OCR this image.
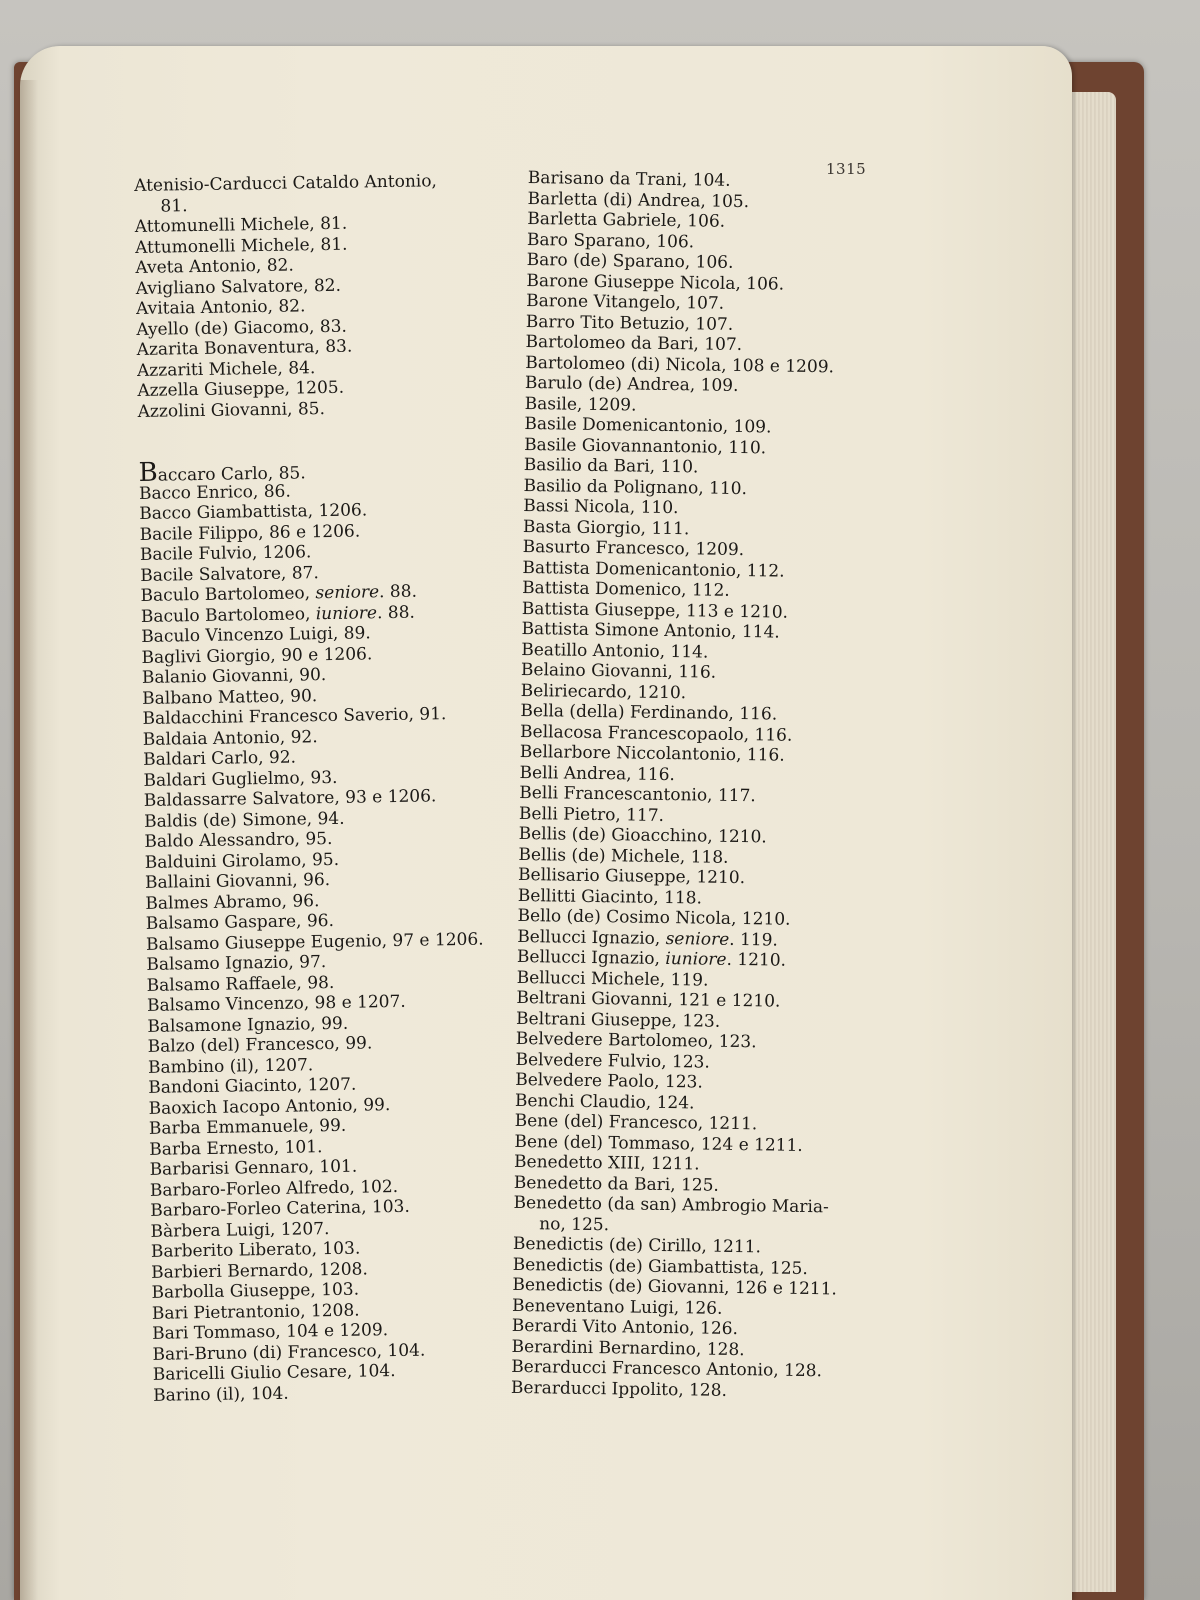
1315
Atenisio-Carducci Cataldo Antonio,
81.
Attomunelli Michele, 81.
Attumonelli Michele, 81.
Aveta Antonio, 82.
Avigliano Salvatore, 82.
Avitaia Antonio, 82.
Ayello (de) Giacomo, 83.
Azarita Bonaventura, 83.
Azzariti Michele, 84.
Azzella Giuseppe, 1205.
Azzolini Giovanni, 85.
Baccaro Carlo, 85.
Bacco Enrico, 86.
Bacco Giambattista, 1206.
Bacile Filippo, 86 e 1206.
Bacile Fulvio, 1206.
Bacile Salvatore, 87.
Baculo Bartolomeo, seniore. 88.
Baculo Bartolomeo, iuniore. 88.
Baculo Vincenzo Luigi, 89.
Baglivi Giorgio, 90 e 1206.
Balanio Giovanni, 90.
Balbano Matteo, 90.
Baldacchini Francesco Saverio, 91.
Baldaia Antonio, 92.
Baldari Carlo, 92.
Baldari Guglielmo, 93.
Baldassarre Salvatore, 93 e 1206.
Baldis (de) Simone, 94.
Baldo Alessandro, 95.
Balduini Girolamo, 95.
Ballaini Giovanni, 96.
Balmes Abramo, 96.
Balsamo Gaspare, 96.
Balsamo Giuseppe Eugenio, 97 e 1206.
Balsamo Ignazio, 97.
Balsamo Raffaele, 98.
Balsamo Vincenzo, 98 e 1207.
Balsamone Ignazio, 99.
Balzo (del) Francesco, 99.
Bambino (il), 1207.
Bandoni Giacinto, 1207.
Baoxich Iacopo Antonio, 99.
Barba Emmanuele, 99.
Barba Ernesto, 101.
Barbarisi Gennaro, 101.
Barbaro-Forleo Alfredo, 102.
Barbaro-Forleo Caterina, 103.
Bàrbera Luigi, 1207.
Barberito Liberato, 103.
Barbieri Bernardo, 1208.
Barbolla Giuseppe, 103.
Bari Pietrantonio, 1208.
Bari Tommaso, 104 e 1209.
Bari-Bruno (di) Francesco, 104.
Baricelli Giulio Cesare, 104.
Barino (il), 104.
Barisano da Trani, 104.
Barletta (di) Andrea, 105.
Barletta Gabriele, 106.
Baro Sparano, 106.
Baro (de) Sparano, 106.
Barone Giuseppe Nicola, 106.
Barone Vitangelo, 107.
Barro Tito Betuzio, 107.
Bartolomeo da Bari, 107.
Bartolomeo (di) Nicola, 108 e 1209.
Barulo (de) Andrea, 109.
Basile, 1209.
Basile Domenicantonio, 109.
Basile Giovannantonio, 110.
Basilio da Bari, 110.
Basilio da Polignano, 110.
Bassi Nicola, 110.
Basta Giorgio, 111.
Basurto Francesco, 1209.
Battista Domenicantonio, 112.
Battista Domenico, 112.
Battista Giuseppe, 113 e 1210.
Battista Simone Antonio, 114.
Beatillo Antonio, 114.
Belaino Giovanni, 116.
Beliriecardo, 1210.
Bella (della) Ferdinando, 116.
Bellacosa Francescopaolo, 116.
Bellarbore Niccolantonio, 116.
Belli Andrea, 116.
Belli Francescantonio, 117.
Belli Pietro, 117.
Bellis (de) Gioacchino, 1210.
Bellis (de) Michele, 118.
Bellisario Giuseppe, 1210.
Bellitti Giacinto, 118.
Bello (de) Cosimo Nicola, 1210.
Bellucci Ignazio, seniore. 119.
Bellucci Ignazio, iuniore. 1210.
Bellucci Michele, 119.
Beltrani Giovanni, 121 e 1210.
Beltrani Giuseppe, 123.
Belvedere Bartolomeo, 123.
Belvedere Fulvio, 123.
Belvedere Paolo, 123.
Benchi Claudio, 124.
Bene (del) Francesco, 1211.
Bene (del) Tommaso, 124 e 1211.
Benedetto XIII, 1211.
Benedetto da Bari, 125.
Benedetto (da san) Ambrogio Maria-
no, 125.
Benedictis (de) Cirillo, 1211.
Benedictis (de) Giambattista, 125.
Benedictis (de) Giovanni, 126 e 1211.
Beneventano Luigi, 126.
Berardi Vito Antonio, 126.
Berardini Bernardino, 128.
Berarducci Francesco Antonio, 128.
Berarducci Ippolito, 128.
